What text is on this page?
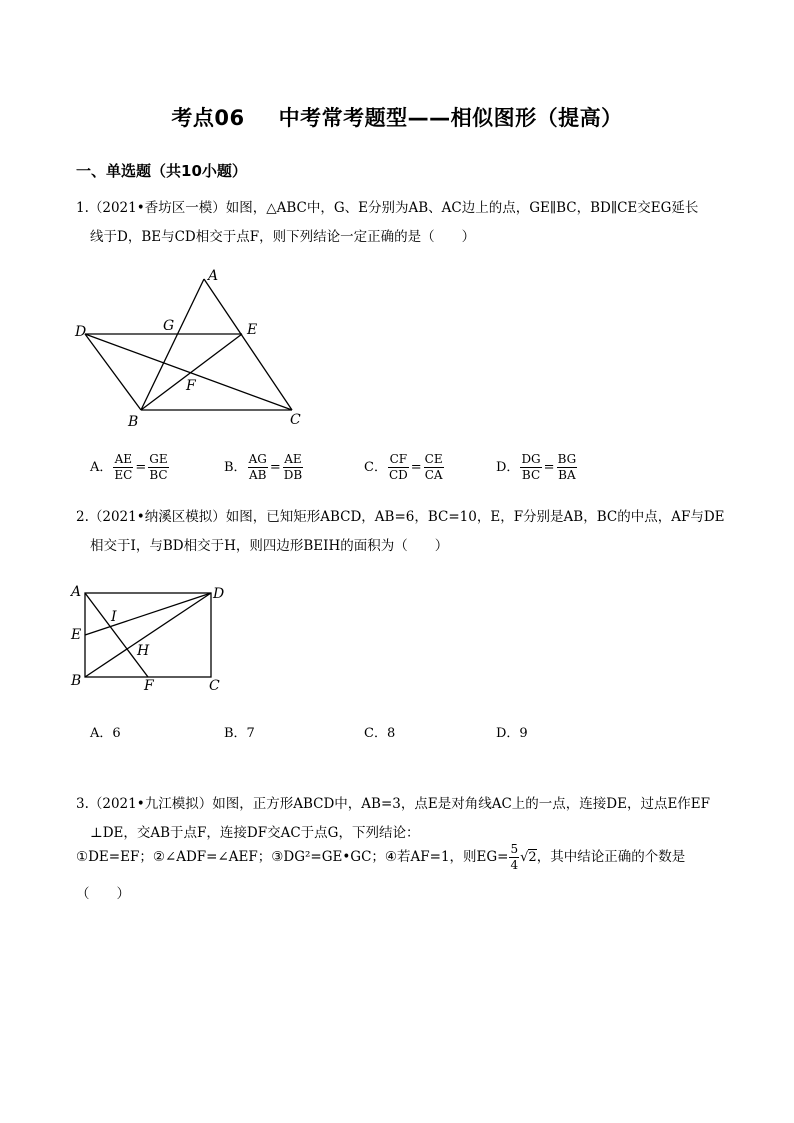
考点06 中考常考题型——相似图形（提高）
一、单选题（共10小题）
1.（2021•香坊区一模）如图，△ABC中，G、E分别为AB、AC边上的点，GE∥BC，BD∥CE交EG延长
线于D，BE与CD相交于点F，则下列结论一定正确的是（　　）
A
G	E
D
F
B	C
A． $\frac{AE}{EC} = \frac{GE}{BC}$	B． $\frac{AG}{AB} = \frac{AE}{DB}$	C． $\frac{CF}{CD} = \frac{CE}{CA}$	D． $\frac{DG}{BC} = \frac{BG}{BA}$
2.（2021•纳溪区模拟）如图，已知矩形ABCD，AB=6，BC=10，E，F分别是AB，BC的中点，AF与DE
相交于I，与BD相交于H，则四边形BEIH的面积为（　　）
A	D
I
E
H
B	F	C
A．6	B．7	C．8	D．9
3.（2021•九江模拟）如图，正方形ABCD中，AB=3，点E是对角线AC上的一点，连接DE，过点E作EF
⊥DE，交AB于点F，连接DF交AC于点G，下列结论：
①DE=EF；②∠ADF=∠AEF；③DG²=GE•GC；④若AF=1，则$EG= \frac{5}{4} √2$，其中结论正确的个数是
（　　）
